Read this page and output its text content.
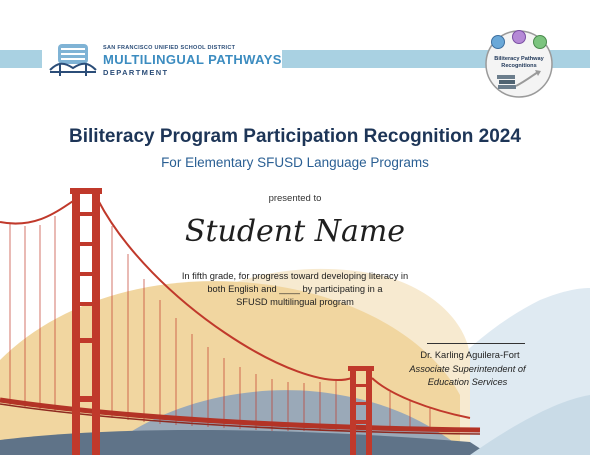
SAN FRANCISCO UNIFIED SCHOOL DISTRICT
MULTILINGUAL PATHWAYS
DEPARTMENT
Biliteracy Pathway
Recognitions
Biliteracy Program Participation Recognition 2024
For Elementary SFUSD Language Programs
presented to
Student Name
In fifth grade, for progress toward developing literacy in
both English and ____ by participating in a
SFUSD multilingual program
Dr. Karling Aguilera-Fort
Associate Superintendent of
Education Services
